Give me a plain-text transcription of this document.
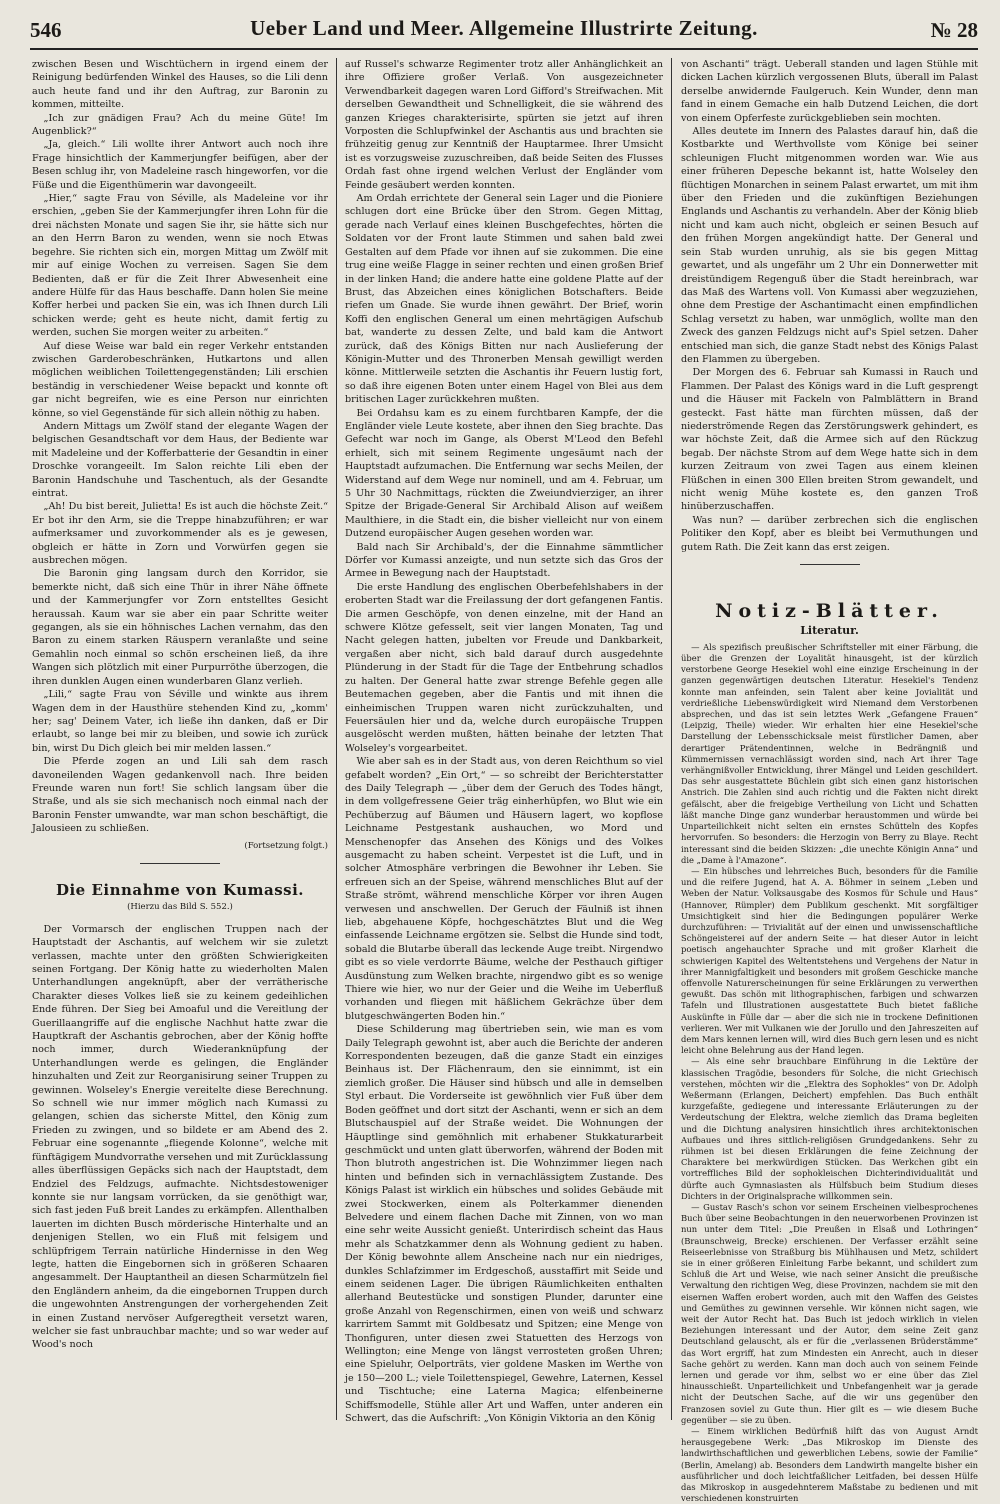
546	Ueber Land und Meer. Allgemeine Illustrirte Zeitung.	№ 28

zwischen Besen und Wischtüchern in irgend einem der Reinigung bedürfenden Winkel des Hauses, so die Lili denn auch heute fand und ihr den Auftrag, zur Baronin zu kommen, mitteilte.

„Ich zur gnädigen Frau? Ach du meine Güte! Im Augenblick?“

„Ja, gleich.“ Lili wollte ihrer Antwort auch noch ihre Frage hinsichtlich der Kammerjungfer beifügen, aber der Besen schlug ihr, von Madeleine rasch hingeworfen, vor die Füße und die Eigenthümerin war davongeeilt.

„Hier,“ sagte Frau von Séville, als Madeleine vor ihr erschien, „geben Sie der Kammerjungfer ihren Lohn für die drei nächsten Monate und sagen Sie ihr, sie hätte sich nur an den Herrn Baron zu wenden, wenn sie noch Etwas begehre. Sie richten sich ein, morgen Mittag um Zwölf mit mir auf einige Wochen zu verreisen. Sagen Sie dem Bedienten, daß er für die Zeit Ihrer Abwesenheit eine andere Hülfe für das Haus beschaffe. Dann holen Sie meine Koffer herbei und packen Sie ein, was ich Ihnen durch Lili schicken werde; geht es heute nicht, damit fertig zu werden, suchen Sie morgen weiter zu arbeiten.“

Auf diese Weise war bald ein reger Verkehr entstanden zwischen Garderobeschränken, Hutkartons und allen möglichen weiblichen Toilettengegenständen; Lili erschien beständig in verschiedener Weise bepackt und konnte oft gar nicht begreifen, wie es eine Person nur einrichten könne, so viel Gegenstände für sich allein nöthig zu haben.

Andern Mittags um Zwölf stand der elegante Wagen der belgischen Gesandtschaft vor dem Haus, der Bediente war mit Madeleine und der Kofferbatterie der Gesandtin in einer Droschke vorangeeilt. Im Salon reichte Lili eben der Baronin Handschuhe und Taschentuch, als der Gesandte eintrat.

„Ah! Du bist bereit, Julietta! Es ist auch die höchste Zeit.“ Er bot ihr den Arm, sie die Treppe hinabzuführen; er war aufmerksamer und zuvorkommender als es je gewesen, obgleich er hätte in Zorn und Vorwürfen gegen sie ausbrechen mögen.

Die Baronin ging langsam durch den Korridor, sie bemerkte nicht, daß sich eine Thür in ihrer Nähe öffnete und der Kammerjungfer vor Zorn entstelltes Gesicht heraussah. Kaum war sie aber ein paar Schritte weiter gegangen, als sie ein höhnisches Lachen vernahm, das den Baron zu einem starken Räuspern veranlaßte und seine Gemahlin noch einmal so schön erscheinen ließ, da ihre Wangen sich plötzlich mit einer Purpurröthe überzogen, die ihren dunklen Augen einen wunderbaren Glanz verlieh.

„Lili,“ sagte Frau von Séville und winkte aus ihrem Wagen dem in der Hausthüre stehenden Kind zu, „komm' her; sag' Deinem Vater, ich ließe ihn danken, daß er Dir erlaubt, so lange bei mir zu bleiben, und sowie ich zurück bin, wirst Du Dich gleich bei mir melden lassen.“

Die Pferde zogen an und Lili sah dem rasch davoneilenden Wagen gedankenvoll nach. Ihre beiden Freunde waren nun fort! Sie schlich langsam über die Straße, und als sie sich mechanisch noch einmal nach der Baronin Fenster umwandte, war man schon beschäftigt, die Jalousieen zu schließen.

(Fortsetzung folgt.)
Die Einnahme von Kumassi.
(Hierzu das Bild S. 552.)

Der Vormarsch der englischen Truppen nach der Hauptstadt der Aschantis, auf welchem wir sie zuletzt verlassen, machte unter den größten Schwierigkeiten seinen Fortgang. Der König hatte zu wiederholten Malen Unterhandlungen angeknüpft, aber der verrätherische Charakter dieses Volkes ließ sie zu keinem gedeihlichen Ende führen. Der Sieg bei Amoaful und die Vereitlung der Guerillaangriffe auf die englische Nachhut hatte zwar die Hauptkraft der Aschantis gebrochen, aber der König hoffte noch immer, durch Wiederanknüpfung der Unterhandlungen werde es gelingen, die Engländer hinzuhalten und Zeit zur Reorganisirung seiner Truppen zu gewinnen. Wolseley's Energie vereitelte diese Berechnung. So schnell wie nur immer möglich nach Kumassi zu gelangen, schien das sicherste Mittel, den König zum Frieden zu zwingen, und so bildete er am Abend des 2. Februar eine sogenannte „fliegende Kolonne“, welche mit fünftägigem Mundvorrathe versehen und mit Zurücklassung alles überflüssigen Gepäcks sich nach der Hauptstadt, dem Endziel des Feldzugs, aufmachte. Nichtsdestoweniger konnte sie nur langsam vorrücken, da sie genöthigt war, sich fast jeden Fuß breit Landes zu erkämpfen. Allenthalben lauerten im dichten Busch mörderische Hinterhalte und an denjenigen Stellen, wo ein Fluß mit felsigem und schlüpfrigem Terrain natürliche Hindernisse in den Weg legte, hatten die Eingebornen sich in größeren Schaaren angesammelt. Der Hauptantheil an diesen Scharmützeln fiel den Engländern anheim, da die eingebornen Truppen durch die ungewohnten Anstrengungen der vorhergehenden Zeit in einen Zustand nervöser Aufgeregtheit versetzt waren, welcher sie fast unbrauchbar machte; und so war weder auf Wood's noch

auf Russel's schwarze Regimenter trotz aller Anhänglichkeit an ihre Offiziere großer Verlaß. Von ausgezeichneter Verwendbarkeit dagegen waren Lord Gifford's Streifwachen. Mit derselben Gewandtheit und Schnelligkeit, die sie während des ganzen Krieges charakterisirte, spürten sie jetzt auf ihren Vorposten die Schlupfwinkel der Aschantis aus und brachten sie frühzeitig genug zur Kenntniß der Hauptarmee. Ihrer Umsicht ist es vorzugsweise zuzuschreiben, daß beide Seiten des Flusses Ordah fast ohne irgend welchen Verlust der Engländer vom Feinde gesäubert werden konnten.

Am Ordah errichtete der General sein Lager und die Pioniere schlugen dort eine Brücke über den Strom. Gegen Mittag, gerade nach Verlauf eines kleinen Buschgefechtes, hörten die Soldaten vor der Front laute Stimmen und sahen bald zwei Gestalten auf dem Pfade vor ihnen auf sie zukommen. Die eine trug eine weiße Flagge in seiner rechten und einen großen Brief in der linken Hand; die andere hatte eine goldene Platte auf der Brust, das Abzeichen eines königlichen Botschafters. Beide riefen um Gnade. Sie wurde ihnen gewährt. Der Brief, worin Koffi den englischen General um einen mehrtägigen Aufschub bat, wanderte zu dessen Zelte, und bald kam die Antwort zurück, daß des Königs Bitten nur nach Auslieferung der Königin-Mutter und des Thronerben Mensah gewilligt werden könne. Mittlerweile setzten die Aschantis ihr Feuern lustig fort, so daß ihre eigenen Boten unter einem Hagel von Blei aus dem britischen Lager zurückkehren mußten.

Bei Ordahsu kam es zu einem furchtbaren Kampfe, der die Engländer viele Leute kostete, aber ihnen den Sieg brachte. Das Gefecht war noch im Gange, als Oberst M'Leod den Befehl erhielt, sich mit seinem Regimente ungesäumt nach der Hauptstadt aufzumachen. Die Entfernung war sechs Meilen, der Widerstand auf dem Wege nur nominell, und am 4. Februar, um 5 Uhr 30 Nachmittags, rückten die Zweiundvierziger, an ihrer Spitze der Brigade-General Sir Archibald Alison auf weißem Maulthiere, in die Stadt ein, die bisher vielleicht nur von einem Dutzend europäischer Augen gesehen worden war.

Bald nach Sir Archibald's, der die Einnahme sämmtlicher Dörfer vor Kumassi anzeigte, und nun setzte sich das Gros der Armee in Bewegung nach der Hauptstadt.

Die erste Handlung des englischen Oberbefehlshabers in der eroberten Stadt war die Freilassung der dort gefangenen Fantis. Die armen Geschöpfe, von denen einzelne, mit der Hand an schwere Klötze gefesselt, seit vier langen Monaten, Tag und Nacht gelegen hatten, jubelten vor Freude und Dankbarkeit, vergaßen aber nicht, sich bald darauf durch ausgedehnte Plünderung in der Stadt für die Tage der Entbehrung schadlos zu halten. Der General hatte zwar strenge Befehle gegen alle Beutemachen gegeben, aber die Fantis und mit ihnen die einheimischen Truppen waren nicht zurückzuhalten, und Feuersäulen hier und da, welche durch europäische Truppen ausgelöscht werden mußten, hätten beinahe der letzten That Wolseley's vorgearbeitet.

Wie aber sah es in der Stadt aus, von deren Reichthum so viel gefabelt worden? „Ein Ort,“ — so schreibt der Berichterstatter des Daily Telegraph — „über dem der Geruch des Todes hängt, in dem vollgefressene Geier träg einherhüpfen, wo Blut wie ein Pechüberzug auf Bäumen und Häusern lagert, wo kopflose Leichname Pestgestank aushauchen, wo Mord und Menschenopfer das Ansehen des Königs und des Volkes ausgemacht zu haben scheint. Verpestet ist die Luft, und in solcher Atmosphäre verbringen die Bewohner ihr Leben. Sie erfreuen sich an der Speise, während menschliches Blut auf der Straße strömt, während menschliche Körper vor ihren Augen verwesen und anschwellen. Der Geruch der Fäulniß ist ihnen lieb, abgehauene Köpfe, hochgeschätztes Blut und die Weg einfassende Leichname ergötzen sie. Selbst die Hunde sind todt, sobald die Blutarbe überall das leckende Auge treibt. Nirgendwo gibt es so viele verdorrte Bäume, welche der Pesthauch giftiger Ausdünstung zum Welken brachte, nirgendwo gibt es so wenige Thiere wie hier, wo nur der Geier und die Weihe im Ueberfluß vorhanden und fliegen mit häßlichem Gekrächze über dem blutgeschwängerten Boden hin.“

Diese Schilderung mag übertrieben sein, wie man es vom Daily Telegraph gewohnt ist, aber auch die Berichte der anderen Korrespondenten bezeugen, daß die ganze Stadt ein einziges Beinhaus ist. Der Flächenraum, den sie einnimmt, ist ein ziemlich großer. Die Häuser sind hübsch und alle in demselben Styl erbaut. Die Vorderseite ist gewöhnlich vier Fuß über dem Boden geöffnet und dort sitzt der Aschanti, wenn er sich an dem Blutschauspiel auf der Straße weidet. Die Wohnungen der Häuptlinge sind gemöhnlich mit erhabener Stukkaturarbeit geschmückt und unten glatt überworfen, während der Boden mit Thon blutroth angestrichen ist. Die Wohnzimmer liegen nach hinten und befinden sich in vernachlässigtem Zustande. Des Königs Palast ist wirklich ein hübsches und solides Gebäude mit zwei Stockwerken, einem als Polterkammer dienenden Belvedere und einem flachen Dache mit Zinnen, von wo man eine sehr weite Aussicht genießt. Unterirdisch scheint das Haus mehr als Schatzkammer denn als Wohnung gedient zu haben. Der König bewohnte allem Anscheine nach nur ein niedriges, dunkles Schlafzimmer im Erdgeschoß, ausstaffirt mit Seide und einem seidenen Lager. Die übrigen Räumlichkeiten enthalten allerhand Beutestücke und sonstigen Plunder, darunter eine große Anzahl von Regenschirmen, einen von weiß und schwarz karrirtem Sammt mit Goldbesatz und Spitzen; eine Menge von Thonfiguren, unter diesen zwei Statuetten des Herzogs von Wellington; eine Menge von längst verrosteten großen Uhren; eine Spieluhr, Oelporträts, vier goldene Masken im Werthe von je 150—200 L.; viele Toilettenspiegel, Gewehre, Laternen, Kessel und Tischtuche; eine Laterna Magica; elfenbeinerne Schiffsmodelle, Stühle aller Art und Waffen, unter anderen ein Schwert, das die Aufschrift: „Von Königin Viktoria an den König

von Aschanti“ trägt. Ueberall standen und lagen Stühle mit dicken Lachen kürzlich vergossenen Bluts, überall im Palast derselbe anwidernde Faulgeruch. Kein Wunder, denn man fand in einem Gemache ein halb Dutzend Leichen, die dort von einem Opferfeste zurückgeblieben sein mochten.

Alles deutete im Innern des Palastes darauf hin, daß die Kostbarkte und Werthvollste vom Könige bei seiner schleunigen Flucht mitgenommen worden war. Wie aus einer früheren Depesche bekannt ist, hatte Wolseley den flüchtigen Monarchen in seinem Palast erwartet, um mit ihm über den Frieden und die zukünftigen Beziehungen Englands und Aschantis zu verhandeln. Aber der König blieb nicht und kam auch nicht, obgleich er seinen Besuch auf den frühen Morgen angekündigt hatte. Der General und sein Stab wurden unruhig, als sie bis gegen Mittag gewartet, und als ungefähr um 2 Uhr ein Donnerwetter mit dreistündigem Regenguß über die Stadt hereinbrach, war das Maß des Wartens voll. Von Kumassi aber wegzuziehen, ohne dem Prestige der Aschantimacht einen empfindlichen Schlag versetzt zu haben, war unmöglich, wollte man den Zweck des ganzen Feldzugs nicht auf's Spiel setzen. Daher entschied man sich, die ganze Stadt nebst des Königs Palast den Flammen zu übergeben.

Der Morgen des 6. Februar sah Kumassi in Rauch und Flammen. Der Palast des Königs ward in die Luft gesprengt und die Häuser mit Fackeln von Palmblättern in Brand gesteckt. Fast hätte man fürchten müssen, daß der niederströmende Regen das Zerstörungswerk gehindert, es war höchste Zeit, daß die Armee sich auf den Rückzug begab. Der nächste Strom auf dem Wege hatte sich in dem kurzen Zeitraum von zwei Tagen aus einem kleinen Flüßchen in einen 300 Ellen breiten Strom gewandelt, und nicht wenig Mühe kostete es, den ganzen Troß hinüberzuschaffen.

Was nun? — darüber zerbrechen sich die englischen Politiker den Kopf, aber es bleibt bei Vermuthungen und gutem Rath. Die Zeit kann das erst zeigen.

Notiz-Blätter.
Literatur.

— Als spezifisch preußischer Schriftsteller mit einer Färbung, die über die Grenzen der Loyalität hinausgeht, ist der kürzlich verstorbene George Hesekiel wohl eine einzige Erscheinung in der ganzen gegenwärtigen deutschen Literatur. Hesekiel's Tendenz konnte man anfeinden, sein Talent aber keine Jovialität und verdrießliche Liebenswürdigkeit wird Niemand dem Verstorbenen absprechen, und das ist sein letztes Werk „Gefangene Frauen“ (Leipzig, Theile) wieder. Wir erhalten hier eine Hesekiel'sche Darstellung der Lebensschicksale meist fürstlicher Damen, aber derartiger Prätendentinnen, welche in Bedrängniß und Kümmernissen vernachlässigt worden sind, nach Art ihrer Tage verhängnißvoller Entwicklung, ihrer Mängel und Leiden geschildert. Das sehr ausgestattete Büchlein gibt sich einen ganz historischen Anstrich. Die Zahlen sind auch richtig und die Fakten nicht direkt gefälscht, aber die freigebige Vertheilung von Licht und Schatten läßt manche Dinge ganz wunderbar heraustommen und würde bei Unparteilichkeit nicht selten ein ernstes Schütteln des Kopfes hervorrufen. So besonders: die Herzogin von Berry zu Blaye. Recht interessant sind die beiden Skizzen: „die unechte Königin Anna“ und die „Dame à l'Amazone“.

— Ein hübsches und lehrreiches Buch, besonders für die Familie und die reifere Jugend, hat A. A. Böhmer in seinem „Leben und Weben der Natur. Volksausgabe des Kosmos für Schule und Haus“ (Hannover, Rümpler) dem Publikum geschenkt. Mit sorgfältiger Umsichtigkeit sind hier die Bedingungen populärer Werke durchzuführen: — Trivialität auf der einen und unwissenschaftliche Schöngeisterei auf der andern Seite — hat dieser Autor in leicht poetisch angehauchter Sprache und mit großer Klarheit die schwierigen Kapitel des Weltentstehens und Vergehens der Natur in ihrer Mannigfaltigkeit und besonders mit großem Geschicke manche offenvolle Naturerscheinungen für seine Erklärungen zu verwerthen gewußt. Das schön mit lithographischen, farbigen und schwarzen Tafeln und Illustrationen ausgestattete Buch bietet faßliche Auskünfte in Fülle dar — aber die sich nie in trockene Definitionen verlieren. Wer mit Vulkanen wie der Jorullo und den Jahreszeiten auf dem Mars kennen lernen will, wird dies Buch gern lesen und es nicht leicht ohne Belehrung aus der Hand legen.

— Als eine sehr brauchbare Einführung in die Lektüre der klassischen Tragödie, besonders für Solche, die nicht Griechisch verstehen, möchten wir die „Elektra des Sophokles“ von Dr. Adolph Weßermann (Erlangen, Deichert) empfehlen. Das Buch enthält kurzgefaßte, gediegene und interessante Erläuterungen zu der Verdeutschung der Elektra, welche ziemlich das Drama begleiten und die Dichtung analysiren hinsichtlich ihres architektonischen Aufbaues und ihres sittlich-religiösen Grundgedankens. Sehr zu rühmen ist bei diesen Erklärungen die feine Zeichnung der Charaktere bei merkwürdigen Stücken. Das Werkchen gibt ein vortreffliches Bild der sophokleischen Dichterindividualität und dürfte auch Gymnasiasten als Hülfsbuch beim Studium dieses Dichters in der Originalsprache willkommen sein.

— Gustav Rasch's schon vor seinem Erscheinen vielbesprochenes Buch über seine Beobachtungen in den neuerworbenen Provinzen ist nun unter dem Titel: „Die Preußen in Elsaß und Lothringen“ (Braunschweig, Brecke) erschienen. Der Verfasser erzählt seine Reiseerlebnisse von Straßburg bis Mühlhausen und Metz, schildert sie in einer größeren Einleitung Farbe bekannt, und schildert zum Schluß die Art und Weise, wie nach seiner Ansicht die preußische Verwaltung den richtigen Weg, diese Provinzen, nachdem sie mit den eisernen Waffen erobert worden, auch mit den Waffen des Geistes und Gemüthes zu gewinnen versehle. Wir können nicht sagen, wie weit der Autor Recht hat. Das Buch ist jedoch wirklich in vielen Beziehungen interessant und der Autor, dem seine Zeit ganz Deutschland gelauscht, als er für die „verlassenen Brüderstämme“ das Wort ergriff, hat zum Mindesten ein Anrecht, auch in dieser Sache gehört zu werden. Kann man doch auch von seinem Feinde lernen und gerade vor ihm, selbst wo er eine über das Ziel hinausschießt. Unparteilichkeit und Unbefangenheit war ja gerade nicht der Deutschen Sache, auf die wir uns gegenüber den Franzosen soviel zu Gute thun. Hier gilt es — wie diesem Buche gegenüber — sie zu üben.

— Einem wirklichen Bedürfniß hilft das von August Arndt herausgegebene Werk: „Das Mikroskop im Dienste des landwirthschaftlichen und gewerblichen Lebens, sowie der Familie“ (Berlin, Amelang) ab. Besonders dem Landwirth mangelte bisher ein ausführlicher und doch leichtfaßlicher Leitfaden, bei dessen Hülfe das Mikroskop in ausgedehnterem Maßstabe zu bedienen und mit verschiedenen konstruirten
